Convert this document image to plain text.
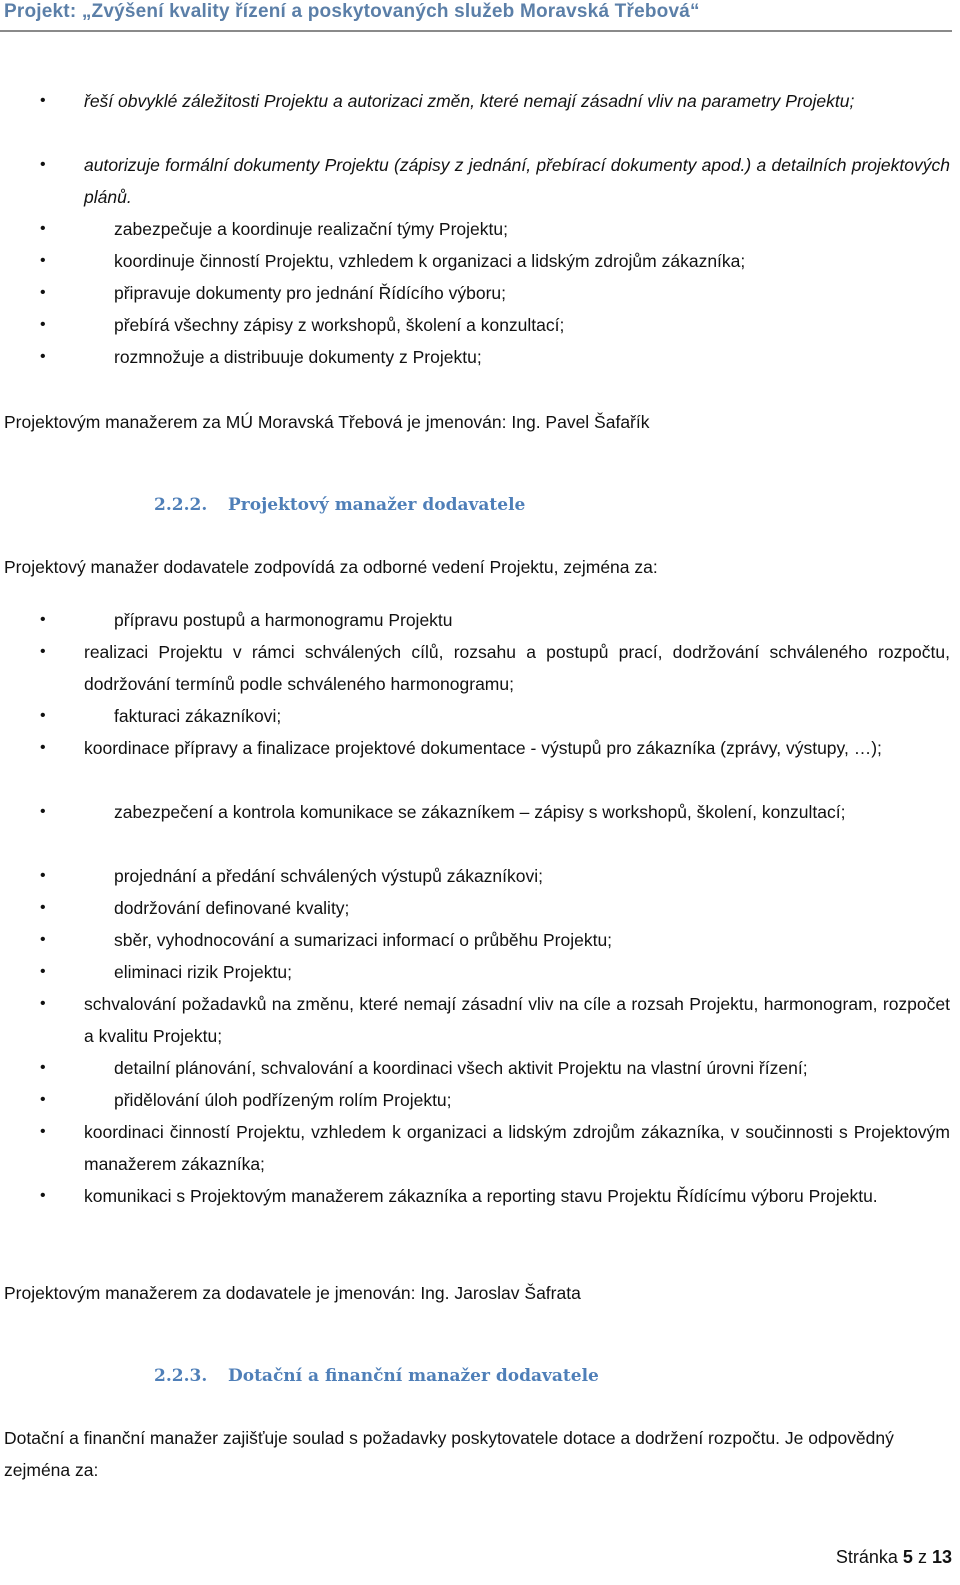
Projekt: „Zvýšení kvality řízení a poskytovaných služeb Moravská Třebová“
•	řeší obvyklé záležitosti Projektu a autorizaci změn, které nemají zásadní vliv na parametry Projektu;
•	autorizuje formální dokumenty Projektu (zápisy z jednání, přebírací dokumenty apod.) a detailních projektových plánů.
•	zabezpečuje a koordinuje realizační týmy Projektu;
•	koordinuje činností Projektu, vzhledem k organizaci a lidským zdrojům zákazníka;
•	připravuje dokumenty pro jednání Řídícího výboru;
•	přebírá všechny zápisy z workshopů, školení a konzultací;
•	rozmnožuje a distribuuje dokumenty z Projektu;

Projektovým manažerem za MÚ Moravská Třebová je jmenován: Ing. Pavel Šafařík

2.2.2. Projektový manažer dodavatele

Projektový manažer dodavatele zodpovídá za odborné vedení Projektu, zejména za:

•	přípravu postupů a harmonogramu Projektu
•	realizaci Projektu v rámci schválených cílů, rozsahu a postupů prací, dodržování schváleného rozpočtu, dodržování termínů podle schváleného harmonogramu;
•	fakturaci zákazníkovi;
•	koordinace přípravy a finalizace projektové dokumentace - výstupů pro zákazníka (zprávy, výstupy, …);
•	zabezpečení a kontrola komunikace se zákazníkem – zápisy s workshopů, školení, konzultací;
•	projednání a předání schválených výstupů zákazníkovi;
•	dodržování definované kvality;
•	sběr, vyhodnocování a sumarizaci informací o průběhu Projektu;
•	eliminaci rizik Projektu;
•	schvalování požadavků na změnu, které nemají zásadní vliv na cíle a rozsah Projektu, harmonogram, rozpočet a kvalitu Projektu;
•	detailní plánování, schvalování a koordinaci všech aktivit Projektu na vlastní úrovni řízení;
•	přidělování úloh podřízeným rolím Projektu;
•	koordinaci činností Projektu, vzhledem k organizaci a lidským zdrojům zákazníka, v součinnosti s Projektovým manažerem zákazníka;
•	komunikaci s Projektovým manažerem zákazníka a reporting stavu Projektu Řídícímu výboru Projektu.

Projektovým manažerem za dodavatele je jmenován: Ing. Jaroslav Šafrata

2.2.3. Dotační a finanční manažer dodavatele

Dotační a finanční manažer zajišťuje soulad s požadavky poskytovatele dotace a dodržení rozpočtu. Je odpovědný zejména za:

Stránka 5 z 13
